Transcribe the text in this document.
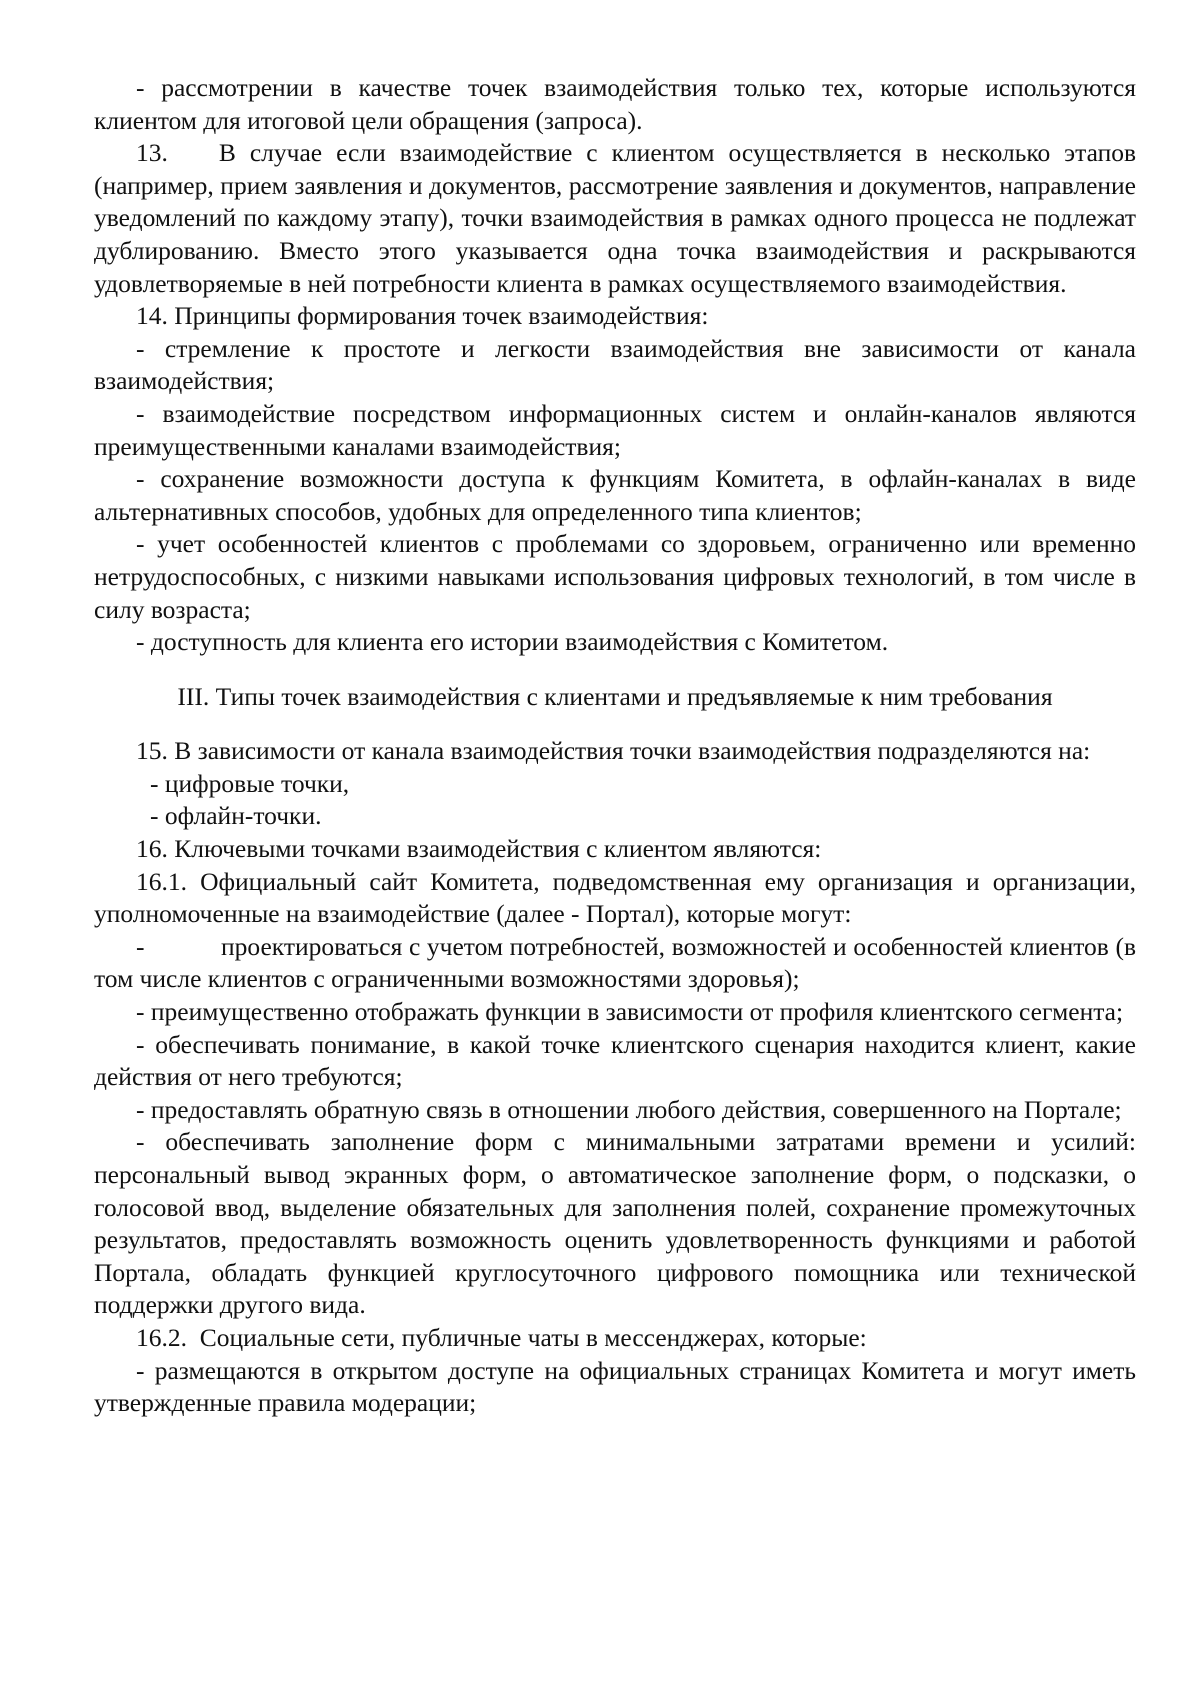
- рассмотрении в качестве точек взаимодействия только тех, которые используются клиентом для итоговой цели обращения (запроса).

13.  В случае если взаимодействие с клиентом осуществляется в несколько этапов (например, прием заявления и документов, рассмотрение заявления и документов, направление уведомлений по каждому этапу), точки взаимодействия в рамках одного процесса не подлежат дублированию. Вместо этого указывается одна точка взаимодействия и раскрываются удовлетворяемые в ней потребности клиента в рамках осуществляемого взаимодействия.

14. Принципы формирования точек взаимодействия:

- стремление к простоте и легкости взаимодействия вне зависимости от канала взаимодействия;

- взаимодействие посредством информационных систем и онлайн-каналов являются преимущественными каналами взаимодействия;

- сохранение возможности доступа к функциям Комитета, в офлайн-каналах в виде альтернативных способов, удобных для определенного типа клиентов;

- учет особенностей клиентов с проблемами со здоровьем, ограниченно или временно нетрудоспособных, с низкими навыками использования цифровых технологий, в том числе в силу возраста;

- доступность для клиента его истории взаимодействия с Комитетом.

III. Типы точек взаимодействия с клиентами и предъявляемые к ним требования

15. В зависимости от канала взаимодействия точки взаимодействия подразделяются на:

- цифровые точки,

- офлайн-точки.

16. Ключевыми точками взаимодействия с клиентом являются:

16.1. Официальный сайт Комитета, подведомственная ему организация и организации, уполномоченные на взаимодействие (далее - Портал), которые могут:

-   проектироваться с учетом потребностей, возможностей и особенностей клиентов (в том числе клиентов с ограниченными возможностями здоровья);

- преимущественно отображать функции в зависимости от профиля клиентского сегмента;

- обеспечивать понимание, в какой точке клиентского сценария находится клиент, какие действия от него требуются;

- предоставлять обратную связь в отношении любого действия, совершенного на Портале;

- обеспечивать заполнение форм с минимальными затратами времени и усилий: персональный вывод экранных форм, о автоматическое заполнение форм, о подсказки, о голосовой ввод, выделение обязательных для заполнения полей, сохранение промежуточных результатов, предоставлять возможность оценить удовлетворенность функциями и работой Портала, обладать функцией круглосуточного цифрового помощника или технической поддержки другого вида.

16.2. Социальные сети, публичные чаты в мессенджерах, которые:

- размещаются в открытом доступе на официальных страницах Комитета и могут иметь утвержденные правила модерации;
